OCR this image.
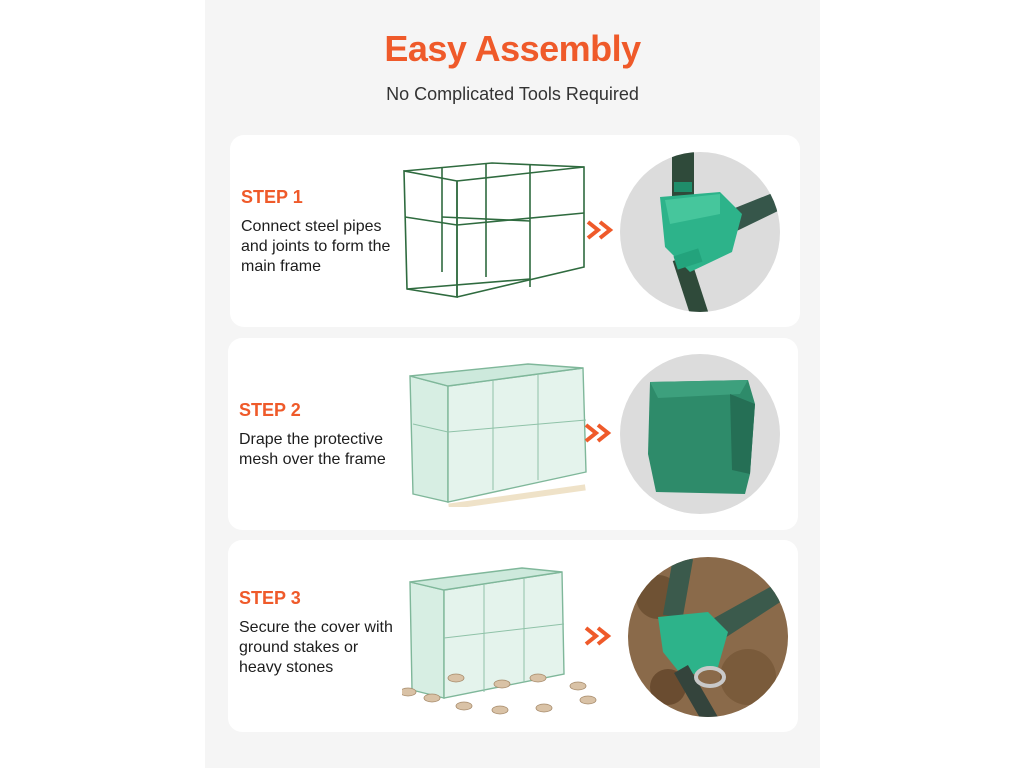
Easy Assembly
No Complicated Tools Required
STEP 1
Connect steel pipes and joints to form the main frame
STEP 2
Drape the protective mesh over the frame
STEP 3
Secure the cover with ground stakes or heavy stones
